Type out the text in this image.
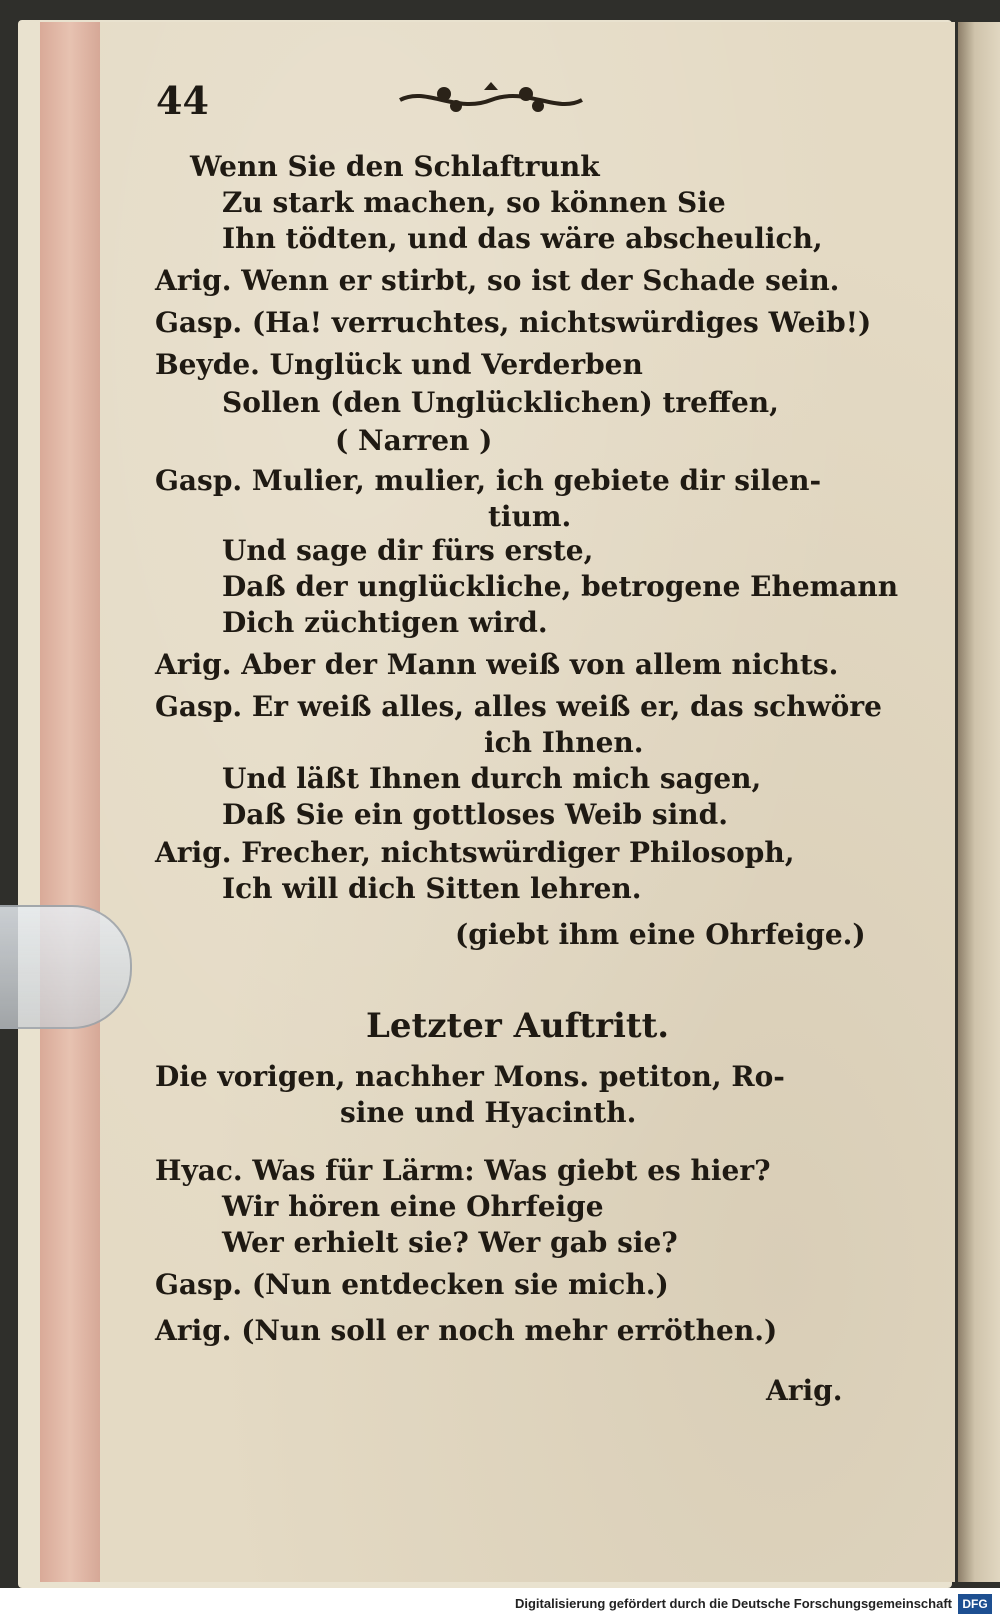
44
Wenn Sie den Schlaftrunk
Zu stark machen, so können Sie
Ihn tödten, und das wäre abscheulich,
Arig. Wenn er stirbt, so ist der Schade sein.
Gasp. (Ha! verruchtes, nichtswürdiges Weib!)
Beyde. Unglück und Verderben
Sollen (den Unglücklichen) treffen,
( Narren )
Gasp. Mulier, mulier, ich gebiete dir silen-
tium.
Und sage dir fürs erste,
Daß der unglückliche, betrogene Ehemann
Dich züchtigen wird.
Arig. Aber der Mann weiß von allem nichts.
Gasp. Er weiß alles, alles weiß er, das schwöre
ich Ihnen.
Und läßt Ihnen durch mich sagen,
Daß Sie ein gottloses Weib sind.
Arig. Frecher, nichtswürdiger Philosoph,
Ich will dich Sitten lehren.
(giebt ihm eine Ohrfeige.)
Letzter Auftritt.
Die vorigen, nachher Mons. petiton, Ro-
sine und Hyacinth.
Hyac. Was für Lärm: Was giebt es hier?
Wir hören eine Ohrfeige
Wer erhielt sie? Wer gab sie?
Gasp. (Nun entdecken sie mich.)
Arig. (Nun soll er noch mehr erröthen.)
Arig.
Digitalisierung gefördert durch die Deutsche Forschungsgemeinschaft DFG
